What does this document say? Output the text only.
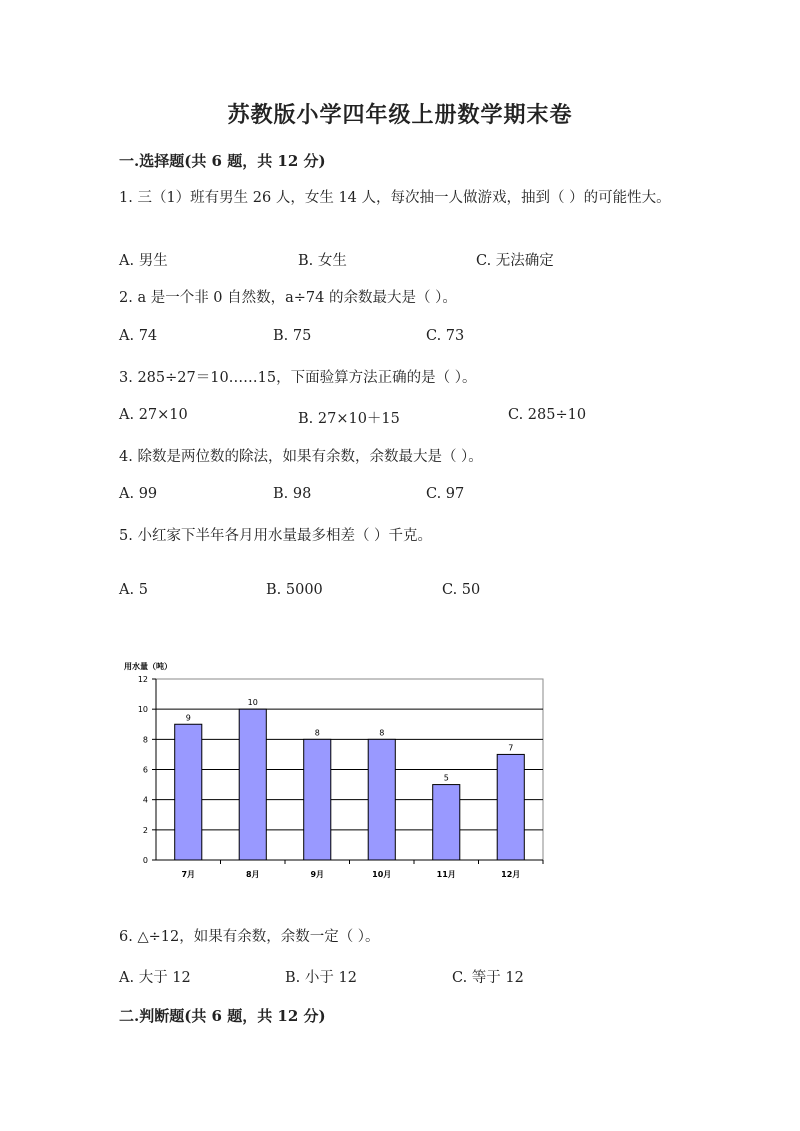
苏教版小学四年级上册数学期末卷
一.选择题(共 6 题，共 12 分)
1. 三（1）班有男生 26 人，女生 14 人，每次抽一人做游戏，抽到（ ）的可能性大。
A. 男生	B. 女生	C. 无法确定
2. a 是一个非 0 自然数，a÷74 的余数最大是（ ）。
A. 74	B. 75	C. 73
3. 285÷27＝10……15，下面验算方法正确的是（ ）。
A. 27×10	B. 27×10＋15	C. 285÷10
4. 除数是两位数的除法，如果有余数，余数最大是（ ）。
A. 99	B. 98	C. 97
5. 小红家下半年各月用水量最多相差（ ）千克。
A. 5	B. 5000	C. 50
用水量（吨）
0
2
4
6
8
10
12
9
7月
10
8月
8
9月
8
10月
5
11月
7
12月
6. △÷12，如果有余数，余数一定（ ）。
A. 大于 12	B. 小于 12	C. 等于 12
二.判断题(共 6 题，共 12 分)
